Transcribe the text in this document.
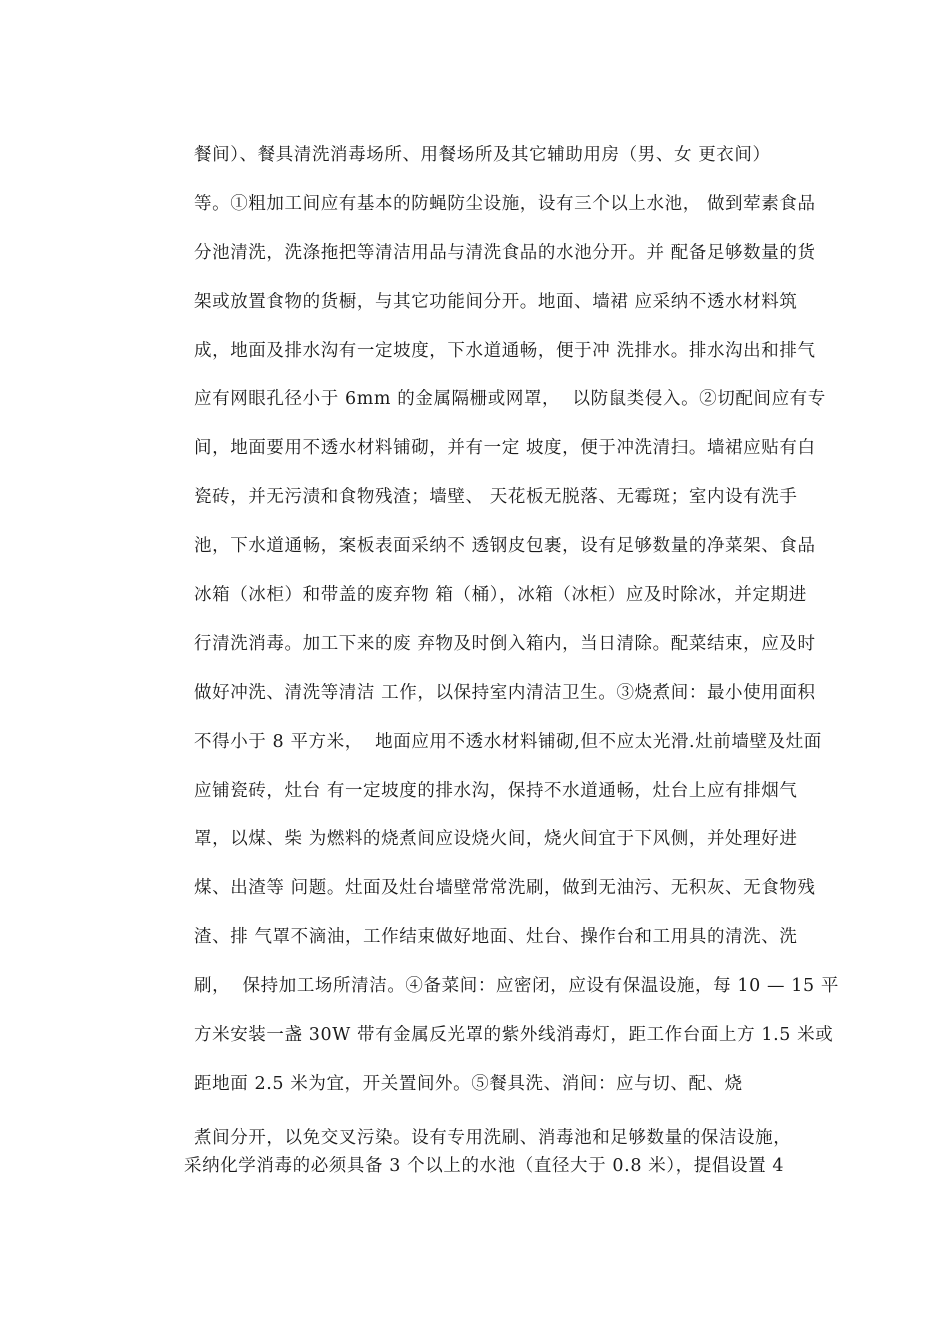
餐间）、餐具清洗消毒场所、用餐场所及其它辅助用房（男、女 更衣间）
等。①粗加工间应有基本的防蝇防尘设施，设有三个以上水池， 做到荤素食品
分池清洗，洗涤拖把等清洁用品与清洗食品的水池分开。并 配备足够数量的货
架或放置食物的货橱，与其它功能间分开。地面、墙裙 应采纳不透水材料筑
成，地面及排水沟有一定坡度，下水道通畅，便于冲 洗排水。排水沟出和排气
应有网眼孔径小于 6mm 的金属隔栅或网罩，  以防鼠类侵入。②切配间应有专
间，地面要用不透水材料铺砌，并有一定 坡度，便于冲洗清扫。墙裙应贴有白
瓷砖，并无污渍和食物残渣；墙壁、 天花板无脱落、无霉斑；室内设有洗手
池，下水道通畅，案板表面采纳不 透钢皮包裹，设有足够数量的净菜架、食品
冰箱（冰柜）和带盖的废弃物 箱（桶），冰箱（冰柜）应及时除冰，并定期进
行清洗消毒。加工下来的废 弃物及时倒入箱内，当日清除。配菜结束，应及时
做好冲洗、清洗等清洁 工作，以保持室内清洁卫生。③烧煮间：最小使用面积
不得小于 8 平方米，  地面应用不透水材料铺砌,但不应太光滑.灶前墙壁及灶面
应铺瓷砖，灶台 有一定坡度的排水沟，保持不水道通畅，灶台上应有排烟气
罩，以煤、柴 为燃料的烧煮间应设烧火间，烧火间宜于下风侧，并处理好进
煤、出渣等 问题。灶面及灶台墙壁常常洗刷，做到无油污、无积灰、无食物残
渣、排 气罩不滴油，工作结束做好地面、灶台、操作台和工用具的清洗、洗
刷，  保持加工场所清洁。④备菜间：应密闭，应设有保温设施，每 10 — 15 平
方米安装一盏 30W 带有金属反光罩的紫外线消毒灯，距工作台面上方 1.5 米或
距地面 2.5 米为宜，开关置间外。⑤餐具洗、消间：应与切、配、烧
煮间分开，以免交叉污染。设有专用洗刷、消毒池和足够数量的保洁设施，
采纳化学消毒的必须具备 3 个以上的水池（直径大于 0.8 米），提倡设置 4
